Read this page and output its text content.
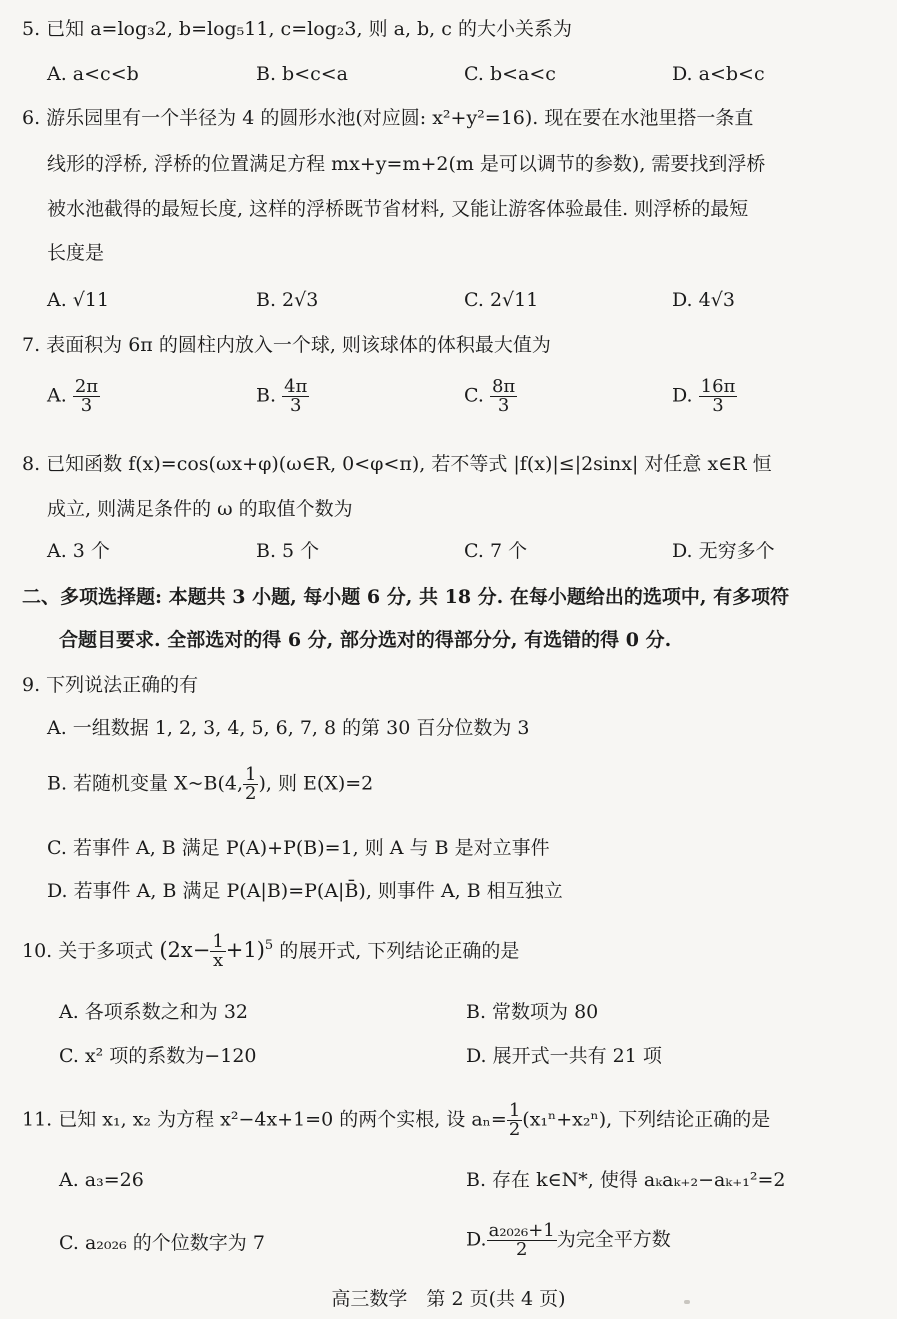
5. 已知 a=log₃2, b=log₅11, c=log₂3, 则 a, b, c 的大小关系为
A. a<c<b	B. b<c<a	C. b<a<c	D. a<b<c
6. 游乐园里有一个半径为 4 的圆形水池(对应圆: x²+y²=16). 现在要在水池里搭一条直
线形的浮桥, 浮桥的位置满足方程 mx+y=m+2(m 是可以调节的参数), 需要找到浮桥
被水池截得的最短长度, 这样的浮桥既节省材料, 又能让游客体验最佳. 则浮桥的最短
长度是
A. √11	B. 2√3	C. 2√11	D. 4√3
7. 表面积为 6π 的圆柱内放入一个球, 则该球体的体积最大值为
A. $\frac{2\pi}{3}$	B. $\frac{4\pi}{3}$	C. $\frac{8\pi}{3}$	D. $\frac{16\pi}{3}$
8. 已知函数 f(x)=cos(ωx+φ)(ω∈R, 0<φ<π), 若不等式 |f(x)|≤|2sinx| 对任意 x∈R 恒
成立, 则满足条件的 ω 的取值个数为
A. 3 个	B. 5 个	C. 7 个	D. 无穷多个
二、多项选择题: 本题共 3 小题, 每小题 6 分, 共 18 分. 在每小题给出的选项中, 有多项符
合题目要求. 全部选对的得 6 分, 部分选对的得部分分, 有选错的得 0 分.
9. 下列说法正确的有
A. 一组数据 1, 2, 3, 4, 5, 6, 7, 8 的第 30 百分位数为 3
B. 若随机变量 X~B(4, $\frac{1}{2}$ ), 则 E(X)=2
C. 若事件 A, B 满足 P(A)+P(B)=1, 则 A 与 B 是对立事件
D. 若事件 A, B 满足 P(A|B)=P(A|B̄), 则事件 A, B 相互独立
10. 关于多项式 $(2x- \frac{1}{x} +1)^5$ 的展开式, 下列结论正确的是
A. 各项系数之和为 32	B. 常数项为 80
C. x² 项的系数为−120	D. 展开式一共有 21 项
11. 已知 x₁, x₂ 为方程 x²−4x+1=0 的两个实根, 设 $a_n= \frac{1}{2} (x_1^n+x_2^n)$, 下列结论正确的是
A. a₃=26	B. 存在 k∈N*, 使得 aₖaₖ₊₂−aₖ₊₁²=2
C. a₂₀₂₆ 的个位数字为 7	D. $\frac{\text{a₂₀₂₆+1}}{2}$ 为完全平方数
高三数学　第 2 页(共 4 页)
